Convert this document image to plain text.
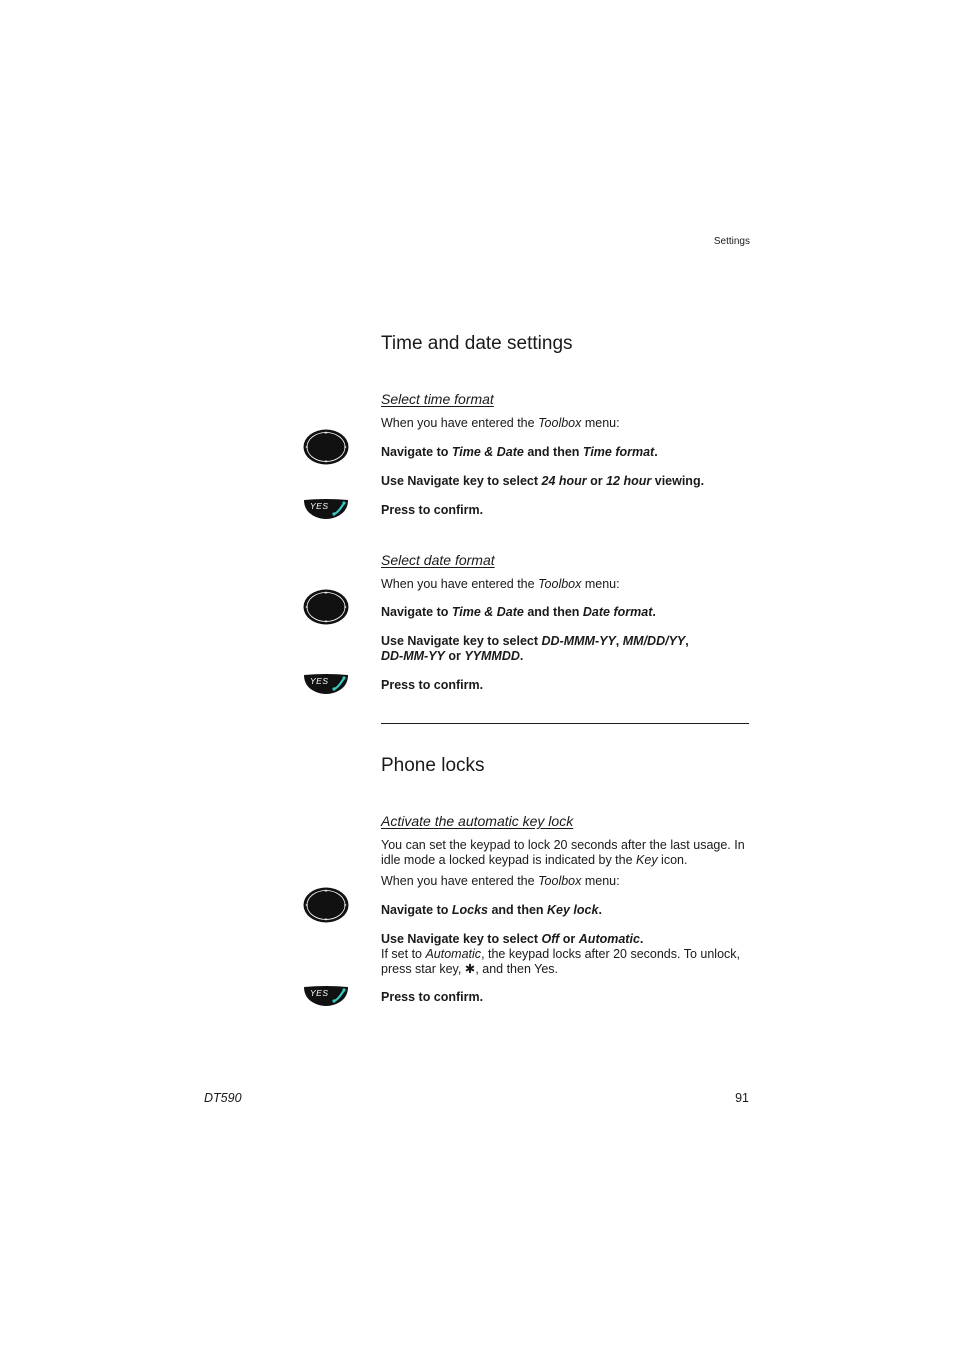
Settings
Time and date settings
Select time format
When you have entered the Toolbox menu:
Navigate to Time & Date and then Time format.
Use Navigate key to select 24 hour or 12 hour viewing.
YES	Press to confirm.
Select date format
When you have entered the Toolbox menu:
Navigate to Time & Date and then Date format.
Use Navigate key to select DD-MMM-YY, MM/DD/YY,
DD-MM-YY or YYMMDD.
YES	Press to confirm.
Phone locks
Activate the automatic key lock
You can set the keypad to lock 20 seconds after the last usage. In idle mode a locked keypad is indicated by the Key icon.
When you have entered the Toolbox menu:
Navigate to Locks and then Key lock.
Use Navigate key to select Off or Automatic.
If set to Automatic, the keypad locks after 20 seconds. To unlock, press star key, ✱, and then Yes.
YES	Press to confirm.
DT590	91
